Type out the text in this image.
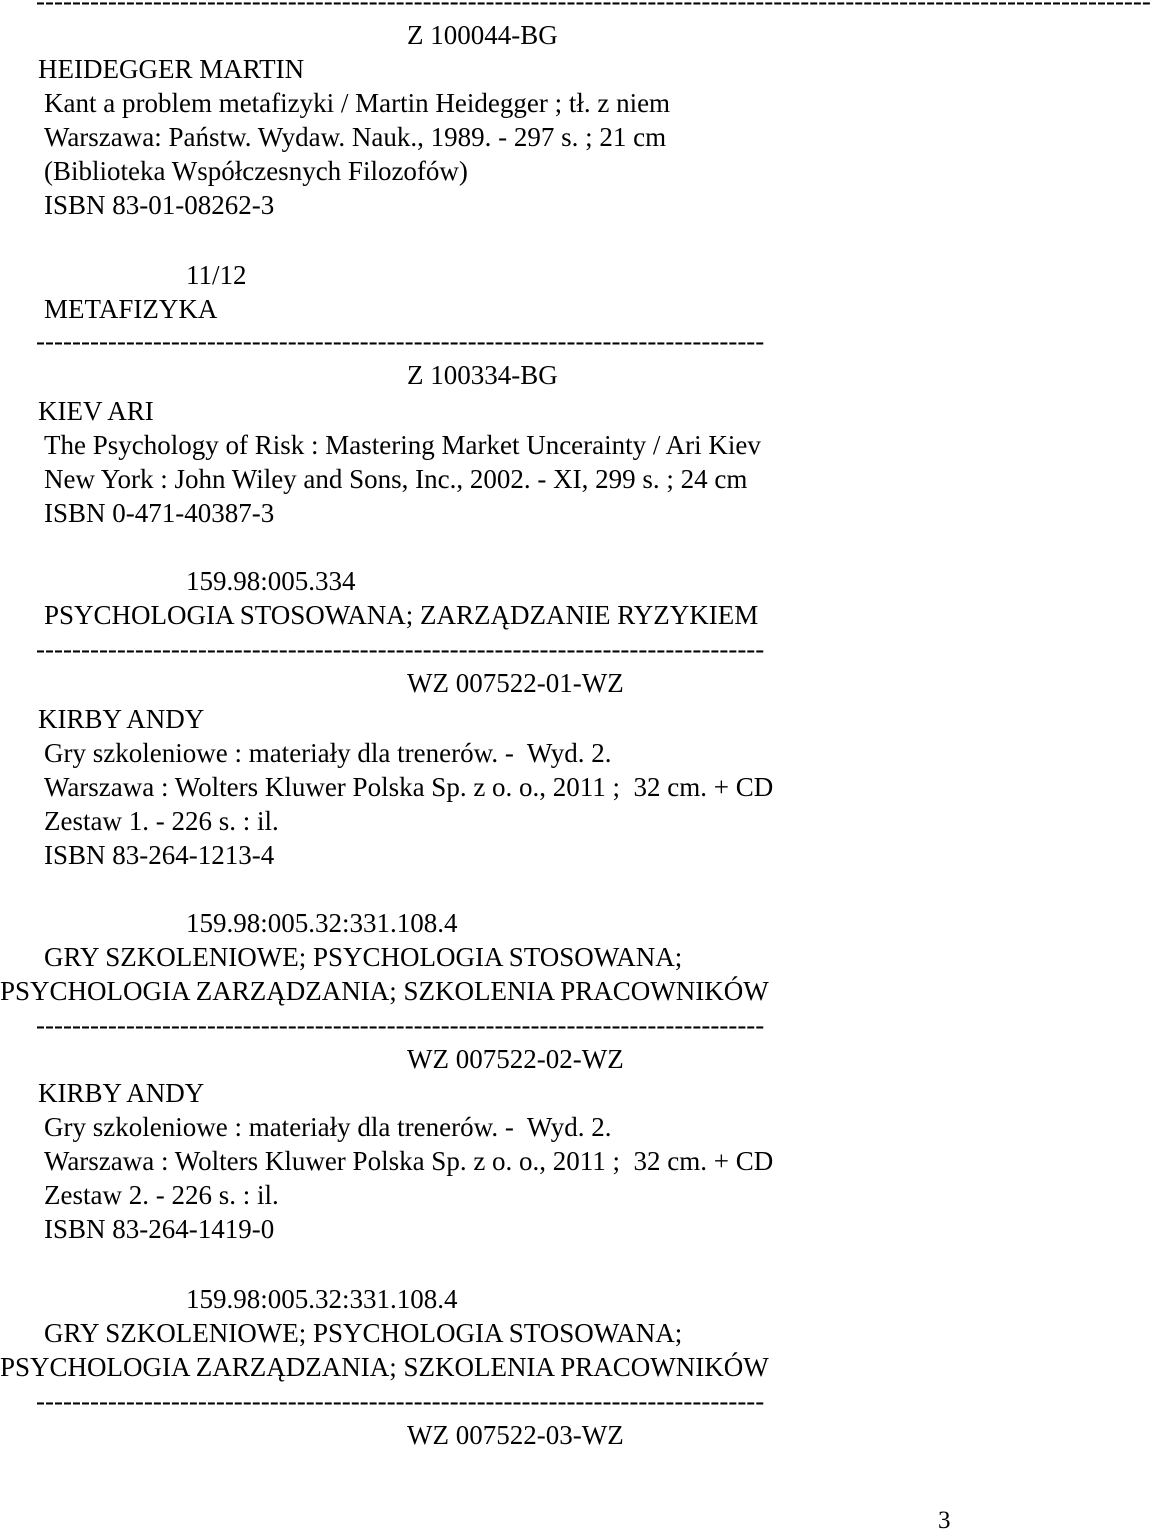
----------------------------------------------------------------------------------------------------------------------------
Z 100044-BG
HEIDEGGER MARTIN
Kant a problem metafizyki / Martin Heidegger ; tł. z niem
Warszawa: Państw. Wydaw. Nauk., 1989. - 297 s. ; 21 cm
(Biblioteka Współczesnych Filozofów)
ISBN 83-01-08262-3
11/12
METAFIZYKA
---------------------------------------------------------------------------------
Z 100334-BG
KIEV ARI
The Psychology of Risk : Mastering Market Uncerainty / Ari Kiev
New York : John Wiley and Sons, Inc., 2002. - XI, 299 s. ; 24 cm
ISBN 0-471-40387-3
159.98:005.334
PSYCHOLOGIA STOSOWANA; ZARZĄDZANIE RYZYKIEM
---------------------------------------------------------------------------------
WZ 007522-01-WZ
KIRBY ANDY
Gry szkoleniowe : materiały dla trenerów. -  Wyd. 2.
Warszawa : Wolters Kluwer Polska Sp. z o. o., 2011 ;  32 cm. + CD
Zestaw 1. - 226 s. : il.
ISBN 83-264-1213-4
159.98:005.32:331.108.4
GRY SZKOLENIOWE; PSYCHOLOGIA STOSOWANA;
PSYCHOLOGIA ZARZĄDZANIA; SZKOLENIA PRACOWNIKÓW
---------------------------------------------------------------------------------
WZ 007522-02-WZ
KIRBY ANDY
Gry szkoleniowe : materiały dla trenerów. -  Wyd. 2.
Warszawa : Wolters Kluwer Polska Sp. z o. o., 2011 ;  32 cm. + CD
Zestaw 2. - 226 s. : il.
ISBN 83-264-1419-0
159.98:005.32:331.108.4
GRY SZKOLENIOWE; PSYCHOLOGIA STOSOWANA;
PSYCHOLOGIA ZARZĄDZANIA; SZKOLENIA PRACOWNIKÓW
---------------------------------------------------------------------------------
WZ 007522-03-WZ
3
